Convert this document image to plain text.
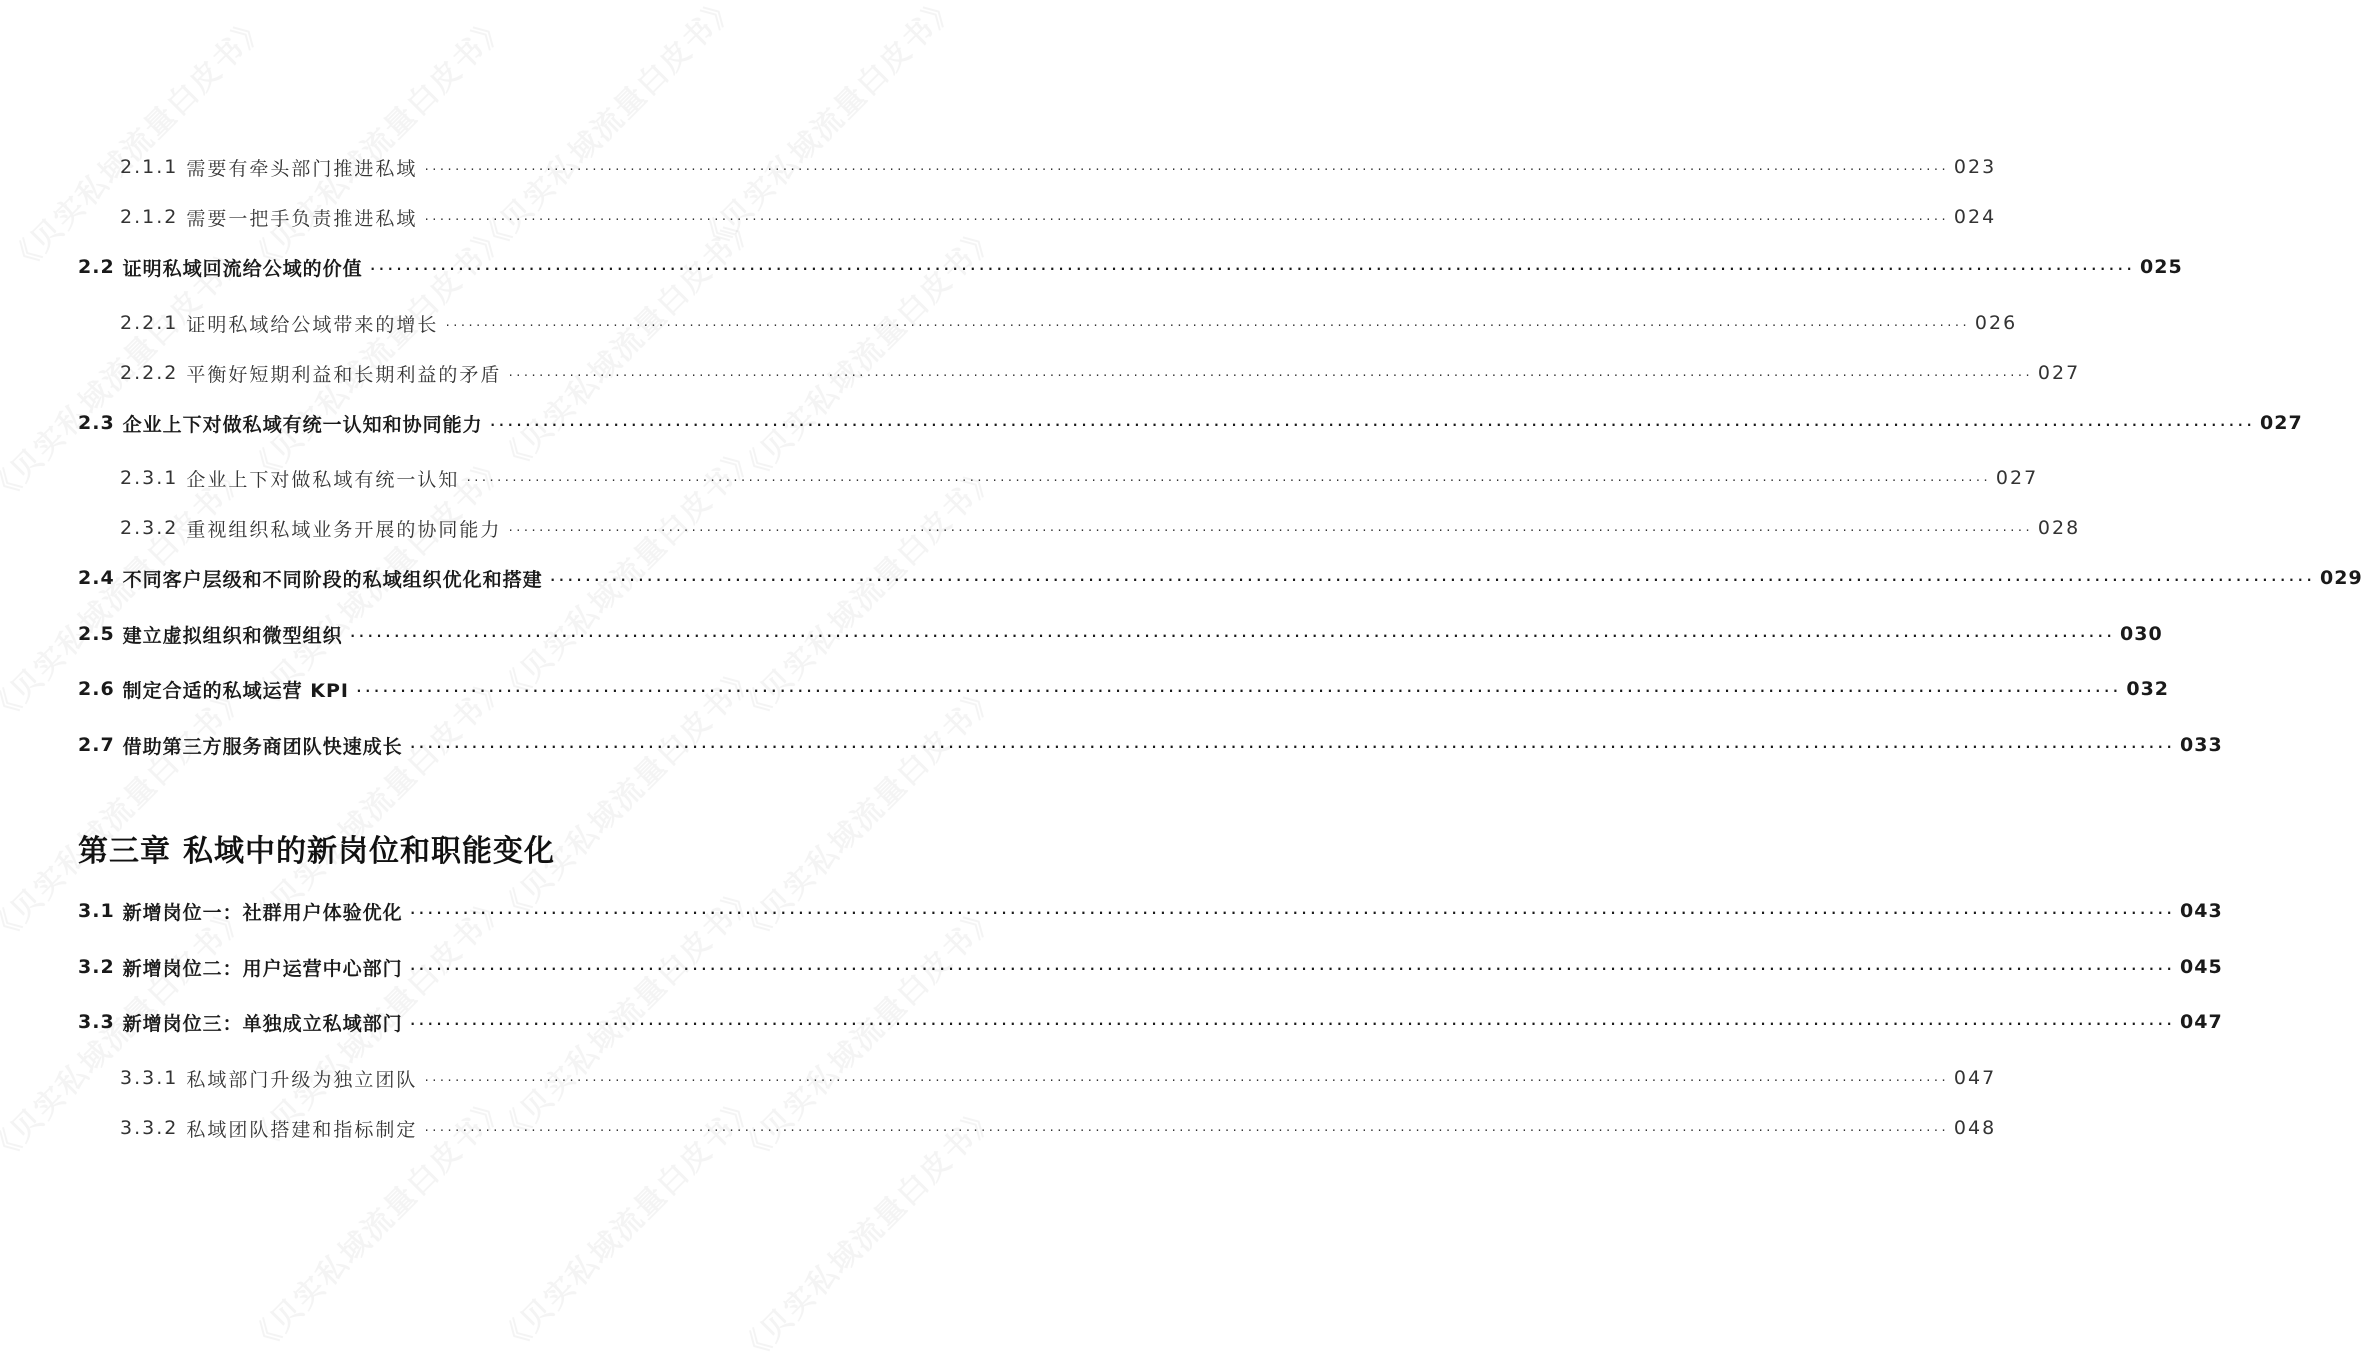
2.1.1 需要有牵头部门推进私域 ........................................................................................................................................................................................................ 023
2.1.2 需要一把手负责推进私域 ........................................................................................................................................................................................................ 024
2.2 证明私域回流给公域的价值 ........................................................................................................................................................................................................ 025
2.2.1 证明私域给公域带来的增长 ........................................................................................................................................................................................................ 026
2.2.2 平衡好短期利益和长期利益的矛盾 ........................................................................................................................................................................................................ 027
2.3 企业上下对做私域有统一认知和协同能力 ........................................................................................................................................................................................................ 027
2.3.1 企业上下对做私域有统一认知 ........................................................................................................................................................................................................ 027
2.3.2 重视组织私域业务开展的协同能力 ........................................................................................................................................................................................................ 028
2.4 不同客户层级和不同阶段的私域组织优化和搭建 ........................................................................................................................................................................................................ 029
2.5 建立虚拟组织和微型组织 ........................................................................................................................................................................................................ 030
2.6 制定合适的私域运营 KPI ........................................................................................................................................................................................................ 032
2.7 借助第三方服务商团队快速成长 ........................................................................................................................................................................................................ 033
第三章 私域中的新岗位和职能变化
3.1 新增岗位一：社群用户体验优化 ........................................................................................................................................................................................................ 043
3.2 新增岗位二：用户运营中心部门 ........................................................................................................................................................................................................ 045
3.3 新增岗位三：单独成立私域部门 ........................................................................................................................................................................................................ 047
3.3.1 私域部门升级为独立团队 ........................................................................................................................................................................................................ 047
3.3.2 私域团队搭建和指标制定 ........................................................................................................................................................................................................ 048
